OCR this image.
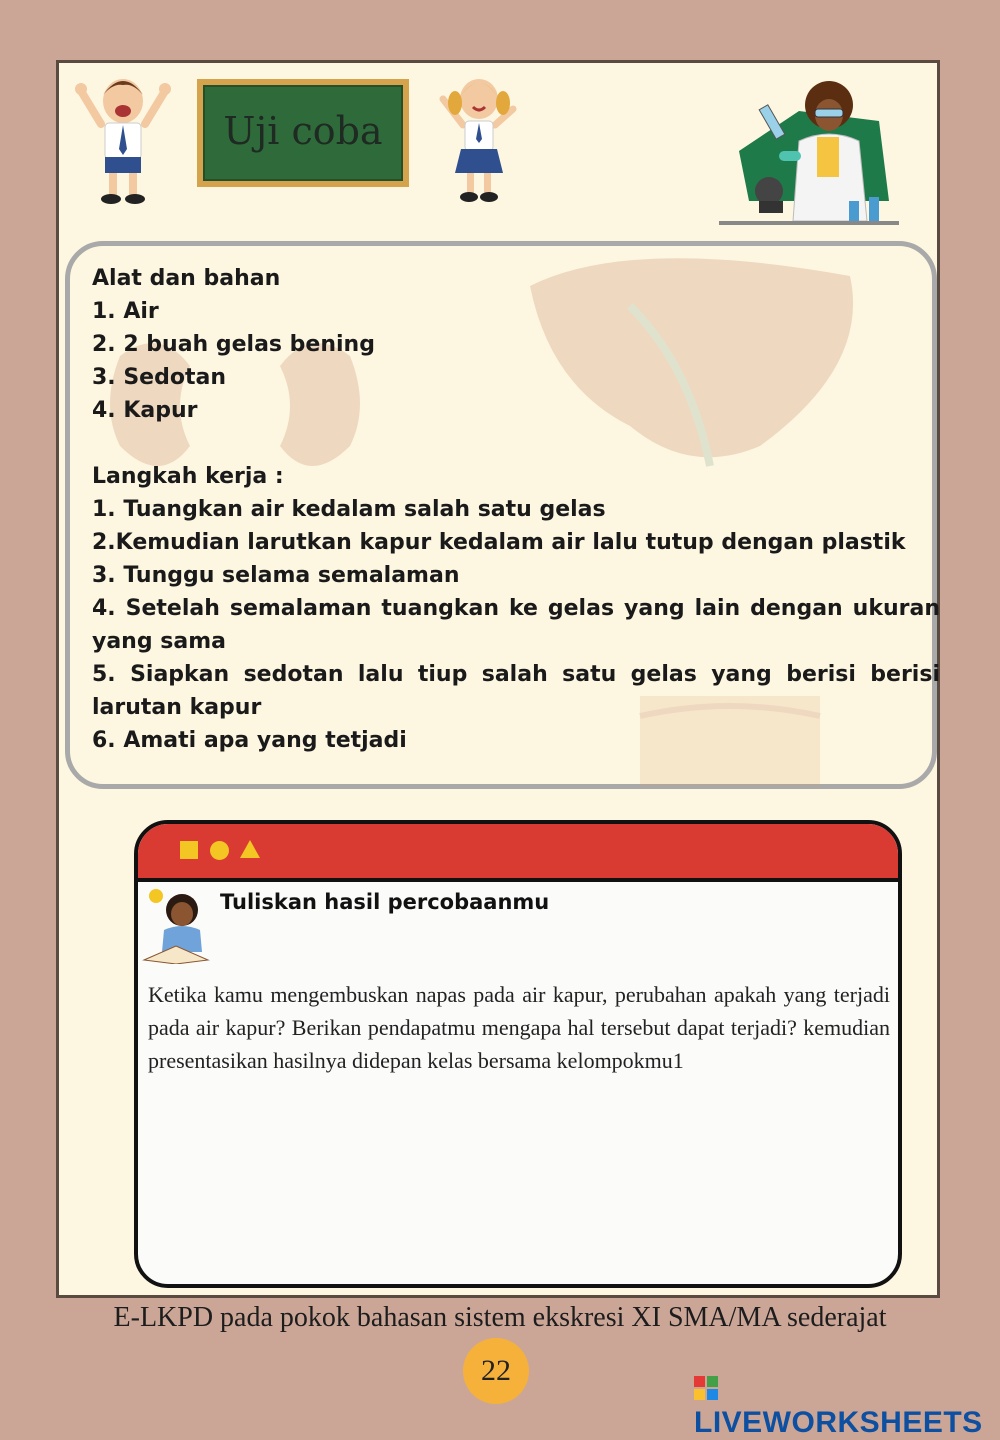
Uji coba

Alat dan bahan

1. Air

2. 2 buah gelas bening

3. Sedotan

4. Kapur

Langkah kerja :

1. Tuangkan air kedalam salah satu gelas

2.Kemudian larutkan kapur kedalam air lalu tutup dengan plastik

3. Tunggu selama semalaman

4. Setelah semalaman tuangkan ke gelas yang lain dengan ukuran yang sama

5. Siapkan sedotan lalu tiup salah satu gelas yang berisi berisi larutan kapur

6. Amati apa yang tetjadi

Tuliskan hasil percobaanmu
Ketika kamu mengembuskan napas pada air kapur, perubahan apakah yang terjadi pada air kapur? Berikan pendapatmu mengapa hal tersebut dapat terjadi? kemudian presentasikan hasilnya didepan kelas bersama kelompokmu1
E-LKPD pada pokok bahasan sistem ekskresi XI SMA/MA sederajat
22
LIVEWORKSHEETS
